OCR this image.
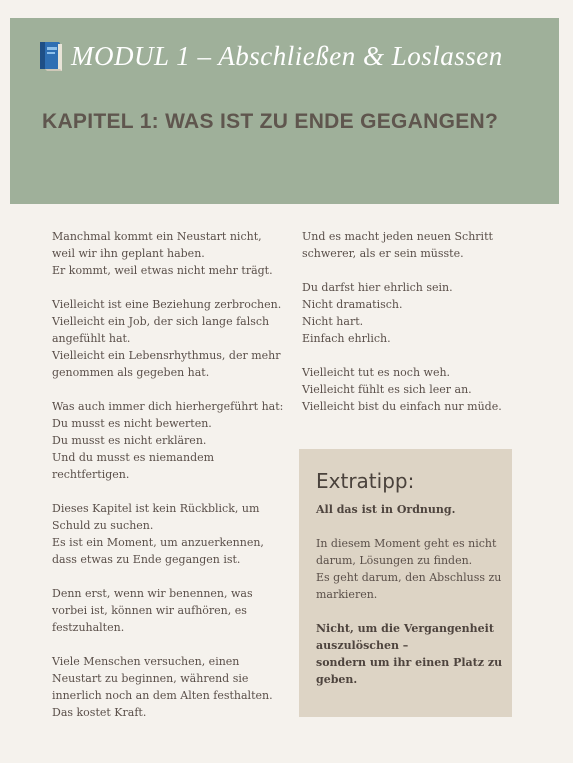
MODUL 1 – Abschließen & Loslassen
KAPITEL 1: WAS IST ZU ENDE GEGANGEN?

Manchmal kommt ein Neustart nicht,
weil wir ihn geplant haben.
Er kommt, weil etwas nicht mehr trägt.

Vielleicht ist eine Beziehung zerbrochen.
Vielleicht ein Job, der sich lange falsch
angefühlt hat.
Vielleicht ein Lebensrhythmus, der mehr
genommen als gegeben hat.

Was auch immer dich hierhergeführt hat:
Du musst es nicht bewerten.
Du musst es nicht erklären.
Und du musst es niemandem
rechtfertigen.

Dieses Kapitel ist kein Rückblick, um
Schuld zu suchen.
Es ist ein Moment, um anzuerkennen,
dass etwas zu Ende gegangen ist.

Denn erst, wenn wir benennen, was
vorbei ist, können wir aufhören, es
festzuhalten.

Viele Menschen versuchen, einen
Neustart zu beginnen, während sie
innerlich noch an dem Alten festhalten.
Das kostet Kraft.

Und es macht jeden neuen Schritt
schwerer, als er sein müsste.

Du darfst hier ehrlich sein.
Nicht dramatisch.
Nicht hart.
Einfach ehrlich.

Vielleicht tut es noch weh.
Vielleicht fühlt es sich leer an.
Vielleicht bist du einfach nur müde.

Extratipp:

All das ist in Ordnung.

In diesem Moment geht es nicht
darum, Lösungen zu finden.
Es geht darum, den Abschluss zu
markieren.

Nicht, um die Vergangenheit
auszulöschen –
sondern um ihr einen Platz zu
geben.
